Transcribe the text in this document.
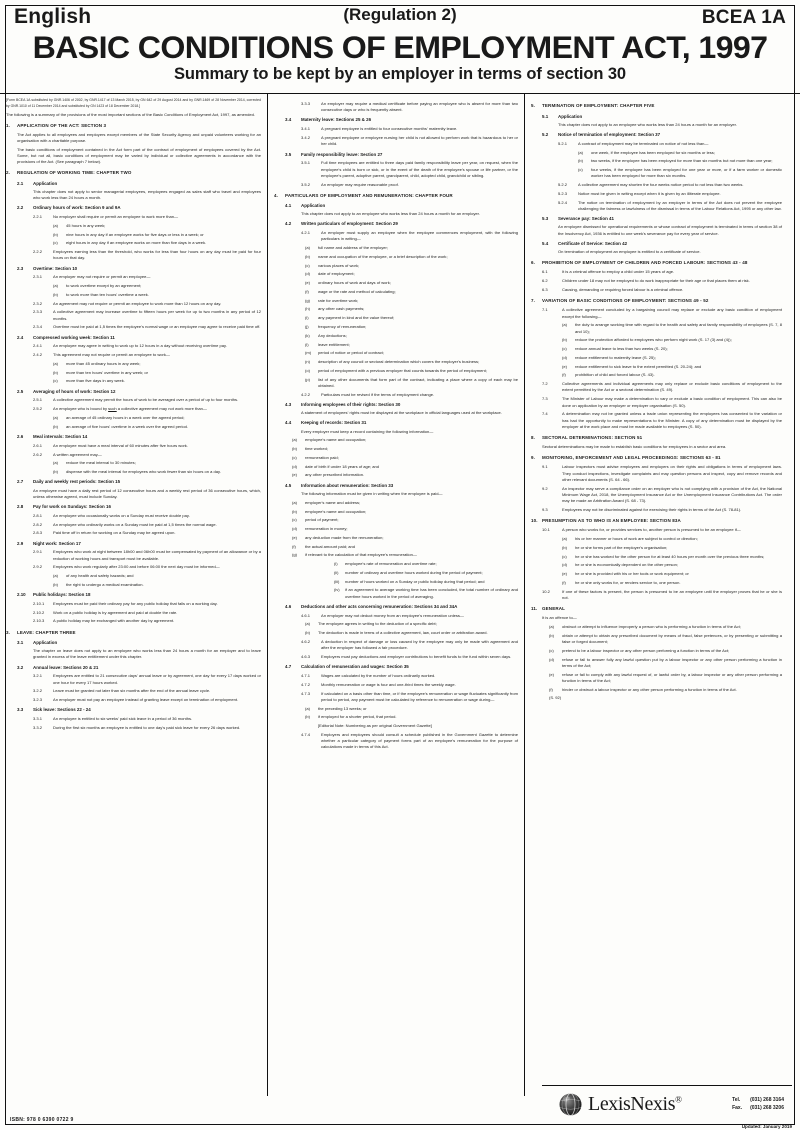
English	(Regulation 2)	BCEA 1A
BASIC CONDITIONS OF EMPLOYMENT ACT, 1997
Summary to be kept by an employer in terms of section 30
[Form BCEA 1A substituted by GNR.1406 of 2002, by GNR.1417 of 13 March 2015, by GN 642 of 29 August 2014 and by GNR.1469 of 28 November 2014, corrected by GNR.1010 of 11 December 2014 and substituted by GN 1423 of 18 December 2018.]
The following is a summary of the provisions of the most important sections of the Basic Conditions of Employment Act, 1997, as amended.
1.	APPLICATION OF THE ACT: SECTION 3
The Act applies to all employees and employers except members of the State Security Agency and unpaid volunteers working for an organisation with a charitable purpose.
The basic conditions of employment contained in the Act form part of the contract of employment of employees covered by the Act. Some, but not all, basic conditions of employment may be varied by individual or collective agreements in accordance with the provisions of the Act. (See paragraph 7 below).
2.	REGULATION OF WORKING TIME: CHAPTER TWO
2.1	Application
This chapter does not apply to senior managerial employees, employees engaged as sales staff who travel and employees who work less than 24 hours a month.
2.2	Ordinary hours of work: Section 9 and 9A
2.2.1	No employer shall require or permit an employee to work more than—
(a)	45 hours in any week;
(b)	nine hours in any day if an employee works for five days or less in a week; or
(c)	eight hours in any day if an employee works on more than five days in a week.
2.2.2	Employees earning less than the threshold, who works for less than four hours on any day must be paid for four hours on that day.
2.3	Overtime: Section 10
2.3.1	An employer may not require or permit an employee—
(a)	to work overtime except by an agreement;
(b)	to work more than ten hours' overtime a week.
2.3.2	An agreement may not require or permit an employee to work more than 12 hours on any day.
2.3.3	A collective agreement may increase overtime to fifteen hours per week for up to two months in any period of 12 months.
2.3.4	Overtime must be paid at 1,5 times the employee's normal wage or an employee may agree to receive paid time off.
2.4	Compressed working week: Section 11
2.4.1	An employee may agree in writing to work up to 12 hours in a day without receiving overtime pay.
2.4.2	This agreement may not require or permit an employee to work—
(a)	more than 45 ordinary hours in any week;
(b)	more than ten hours' overtime in any week; or
(c)	more than five days in any week.
2.5	Averaging of hours of work: Section 12
2.5.1	A collective agreement may permit the hours of work to be averaged over a period of up to four months.
2.5.2	An employee who is bound by such a collective agreement may not work more than—
(a)	an average of 45 ordinary hours in a week over the agreed period;
(b)	an average of five hours' overtime in a week over the agreed period.
2.6	Meal intervals: Section 14
2.6.1	An employee must have a meal interval of 60 minutes after five hours work.
2.6.2	A written agreement may—
(a)	reduce the meal interval to 30 minutes;
(b)	dispense with the meal interval for employees who work fewer than six hours on a day.
2.7	Daily and weekly rest periods: Section 15
An employee must have a daily rest period of 12 consecutive hours and a weekly rest period of 36 consecutive hours, which, unless otherwise agreed, must include Sunday.
2.8	Pay for work on Sundays: Section 16
2.8.1	An employee who occasionally works on a Sunday must receive double pay.
2.8.2	An employee who ordinarily works on a Sunday must be paid at 1,5 times the normal wage.
2.8.3	Paid time off in return for working on a Sunday may be agreed upon.
2.9	Night work: Section 17
2.9.1	Employees who work at night between 18h00 and 06h00 must be compensated by payment of an allowance or by a reduction of working hours and transport must be available.
2.9.2	Employees who work regularly after 23:00 and before 06:00 the next day must be informed—
(a)	of any health and safety hazards; and
(b)	the right to undergo a medical examination.
2.10	Public holidays: Section 18
2.10.1	Employees must be paid their ordinary pay for any public holiday that falls on a working day.
2.10.2	Work on a public holiday is by agreement and paid at double the rate.
2.10.3	A public holiday may be exchanged with another day by agreement.
3.	LEAVE: CHAPTER THREE
3.1	Application
The chapter on leave does not apply to an employee who works less than 24 hours a month for an employer and to leave granted in excess of the leave entitlement under this chapter.
3.2	Annual leave: Sections 20 & 21
3.2.1	Employees are entitled to 21 consecutive days' annual leave or by agreement, one day for every 17 days worked or one hour for every 17 hours worked.
3.2.2	Leave must be granted not later than six months after the end of the annual leave cycle.
3.2.3	An employer must not pay an employee instead of granting leave except on termination of employment.
3.3	Sick leave: Sections 22 - 24
3.3.1	An employee is entitled to six weeks' paid sick leave in a period of 36 months.
3.3.2	During the first six months an employee is entitled to one day's paid sick leave for every 26 days worked.
3.3.3	An employer may require a medical certificate before paying an employee who is absent for more than two consecutive days or who is frequently absent.
3.4	Maternity leave: Sections 25 & 26
3.4.1	A pregnant employee is entitled to four consecutive months' maternity leave.
3.4.2	A pregnant employee or employee nursing her child is not allowed to perform work that is hazardous to her or her child.
3.5	Family responsibility leave: Section 27
3.5.1	Full time employees are entitled to three days paid family responsibility leave per year, on request, when the employee's child is born or sick, or in the event of the death of the employee's spouse or life partner, or the employee's parent, adoptive parent, grandparent, child, adopted child, grandchild or sibling.
3.5.2	An employer may require reasonable proof.
4.	PARTICULARS OF EMPLOYMENT AND REMUNERATION: CHAPTER FOUR
4.1	Application
This chapter does not apply to an employee who works less than 24 hours a month for an employer.
4.2	Written particulars of employment: Section 29
4.2.1	An employer must supply an employee when the employee commences employment, with the following particulars in writing—
(a)	full name and address of the employer;
(b)	name and occupation of the employee, or a brief description of the work;
(c)	various places of work;
(d)	date of employment;
(e)	ordinary hours of work and days of work;
(f)	wage or the rate and method of calculating;
(g)	rate for overtime work;
(h)	any other cash payments;
(i)	any payment in kind and the value thereof;
(j)	frequency of remuneration;
(k)	Any deductions;
(l)	leave entitlement;
(m)	period of notice or period of contract;
(n)	description of any council or sectoral determination which covers the employer's business;
(o)	period of employment with a previous employer that counts towards the period of employment;
(p)	list of any other documents that form part of the contract, indicating a place where a copy of each may be obtained.
4.2.2	Particulars must be revised if the terms of employment change.
4.3	Informing employees of their rights: Section 30
A statement of employees' rights must be displayed at the workplace in official languages used at the workplace.
4.4	Keeping of records: Section 31
Every employer must keep a record containing the following information—
(a)	employee's name and occupation;
(b)	time worked;
(c)	remuneration paid;
(d)	date of birth if under 18 years of age; and
(e)	any other prescribed information.
4.5	Information about remuneration: Section 33
The following information must be given in writing when the employee is paid—
(a)	employer's name and address;
(b)	employee's name and occupation;
(c)	period of payment;
(d)	remuneration in money;
(e)	any deduction made from the remuneration;
(f)	the actual amount paid; and
(g)	if relevant to the calculation of that employee's remuneration—
(i)	employee's rate of remuneration and overtime rate;
(ii)	number of ordinary and overtime hours worked during the period of payment;
(iii)	number of hours worked on a Sunday or public holiday during that period; and
(iv)	if an agreement to average working time has been concluded, the total number of ordinary and overtime hours worked in the period of averaging.
4.6	Deductions and other acts concerning remuneration: Sections 34 and 34A
4.6.1	An employer may not deduct money from an employee's remuneration unless—
(a)	The employee agrees in writing to the deduction of a specific debt;
(b)	The deduction is made in terms of a collective agreement, law, court order or arbitration award.
4.6.2	A deduction in respect of damage or loss caused by the employee may only be made with agreement and after the employer has followed a fair procedure.
4.6.3	Employers must pay deductions and employer contributions to benefit funds to the fund within seven days.
4.7	Calculation of remuneration and wages: Section 35
4.7.1	Wages are calculated by the number of hours ordinarily worked.
4.7.2	Monthly remuneration or wage is four and one-third times the weekly wage.
4.7.3	If calculated on a basis other than time, or if the employee's remuneration or wage fluctuates significantly from period to period, any payment must be calculated by reference to remuneration or wage during—
(a)	the preceding 13 weeks; or
(b)	if employed for a shorter period, that period.
[Editorial Note: Numbering as per original Government Gazette]
4.7.4	Employers and employees should consult a schedule published in the Government Gazette to determine whether a particular category of payment forms part of an employee's remuneration for the purpose of calculations made in terms of this Act.
5.	TERMINATION OF EMPLOYMENT: CHAPTER FIVE
5.1	Application
This chapter does not apply to an employee who works less than 24 hours a month for an employer.
5.2	Notice of termination of employment: Section 37
5.2.1	A contract of employment may be terminated on notice of not less than—
(a)	one week, if the employee has been employed for six months or less;
(b)	two weeks, if the employee has been employed for more than six months but not more than one year;
(c)	four weeks, if the employee has been employed for one year or more, or if a farm worker or domestic worker has been employed for more than six months.
5.2.2	A collective agreement may shorten the four weeks notice period to not less than two weeks.
5.2.3	Notice must be given in writing except when it is given by an illiterate employee.
5.2.4	The notice on termination of employment by an employer in terms of the Act does not prevent the employee challenging the fairness or lawfulness of the dismissal in terms of the Labour Relations Act, 1995 or any other law.
5.3	Severance pay: Section 41
An employee dismissed for operational requirements or whose contract of employment is terminated in terms of section 38 of the Insolvency Act, 1936 is entitled to one week's severance pay for every year of service.
5.4	Certificate of Service: Section 42
On termination of employment an employee is entitled to a certificate of service.
6.	PROHIBITION OF EMPLOYMENT OF CHILDREN AND FORCED LABOUR: SECTIONS 43 - 48
6.1	It is a criminal offence to employ a child under 15 years of age.
6.2	Children under 18 may not be employed to do work inappropriate for their age or that places them at risk.
6.3	Causing, demanding or requiring forced labour is a criminal offence.
7.	VARIATION OF BASIC CONDITIONS OF EMPLOYMENT: SECTIONS 49 - 52
7.1	A collective agreement concluded by a bargaining council may replace or exclude any basic condition of employment except the following—
(a)	the duty to arrange working time with regard to the health and safety and family responsibility of employees (S. 7, 8 and 10);
(b)	reduce the protection afforded to employees who perform night work (S. 17 (3) and (4));
(c)	reduce annual leave to less than two weeks (S. 20);
(d)	reduce entitlement to maternity leave (S. 25);
(e)	reduce entitlement to sick leave to the extent permitted (S. 20-24); and
(f)	prohibition of child and forced labour (S. 43).
7.2	Collective agreements and individual agreements may only replace or exclude basic conditions of employment to the extent permitted by the Act or a sectoral determination (S. 49).
7.3	The Minister of Labour may make a determination to vary or exclude a basic condition of employment. This can also be done on application by an employer or employer organisation (S. 50).
7.4	A determination may not be granted unless a trade union representing the employees has consented to the variation or has had the opportunity to make representations to the Minister. A copy of any determination must be displayed by the employer at the work place and must be made available to employees (S. 50).
8.	SECTORAL DETERMINATIONS: SECTION 51
Sectoral determinations may be made to establish basic conditions for employees in a sector and area.
9.	MONITORING, ENFORCEMENT AND LEGAL PROCEEDINGS: SECTIONS 63 - 81
9.1	Labour inspectors must advise employees and employers on their rights and obligations in terms of employment laws. They conduct inspections, investigate complaints and may question persons and inspect, copy and remove records and other relevant documents (S. 64 - 66).
9.2	An inspector may serve a compliance order on an employer who is not complying with a provision of the Act, the National Minimum Wage Act, 2018, the Unemployment Insurance Act or the Unemployment Insurance Contributions Act. The order may be made an Arbitration Award (S. 68 - 73).
9.3	Employees may not be discriminated against for exercising their rights in terms of the Act (S. 78-81).
10. PRESUMPTION AS TO WHO IS AN EMPLOYEE: SECTION 83A
10.1	A person who works for, or provides services to, another person is presumed to be an employee if—
(a)	his or her manner or hours of work are subject to control or direction;
(b)	he or she forms part of the employer's organisation;
(c)	he or she has worked for the other person for at least 40 hours per month over the previous three months;
(d)	he or she is economically dependent on the other person;
(e)	he or she is provided with his or her tools or work equipment; or
(f)	he or she only works for, or renders service to, one person.
10.2	If one of these factors is present, the person is presumed to be an employee until the employer proves that he or she is not.
11.	GENERAL
It is an offence to—
(a)	obstruct or attempt to influence improperly a person who is performing a function in terms of the Act;
(b)	obtain or attempt to obtain any prescribed document by means of fraud, false pretences, or by presenting or submitting a false or forged document;
(c)	pretend to be a labour inspector or any other person performing a function in terms of the Act;
(d)	refuse or fail to answer fully any lawful question put by a labour inspector or any other person performing a function in terms of the Act;
(e)	refuse or fail to comply with any lawful request of, or lawful order by, a labour inspector or any other person performing a function in terms of the Act;
(f)	hinder or obstruct a labour inspector or any other person performing a function in terms of the Act.
(S. 92)
ISBN: 978 0 6390 0722 9
LexisNexis®	Tel.
Fax.
(031) 268 3164
(031) 268 3206
Updated: January 2019
